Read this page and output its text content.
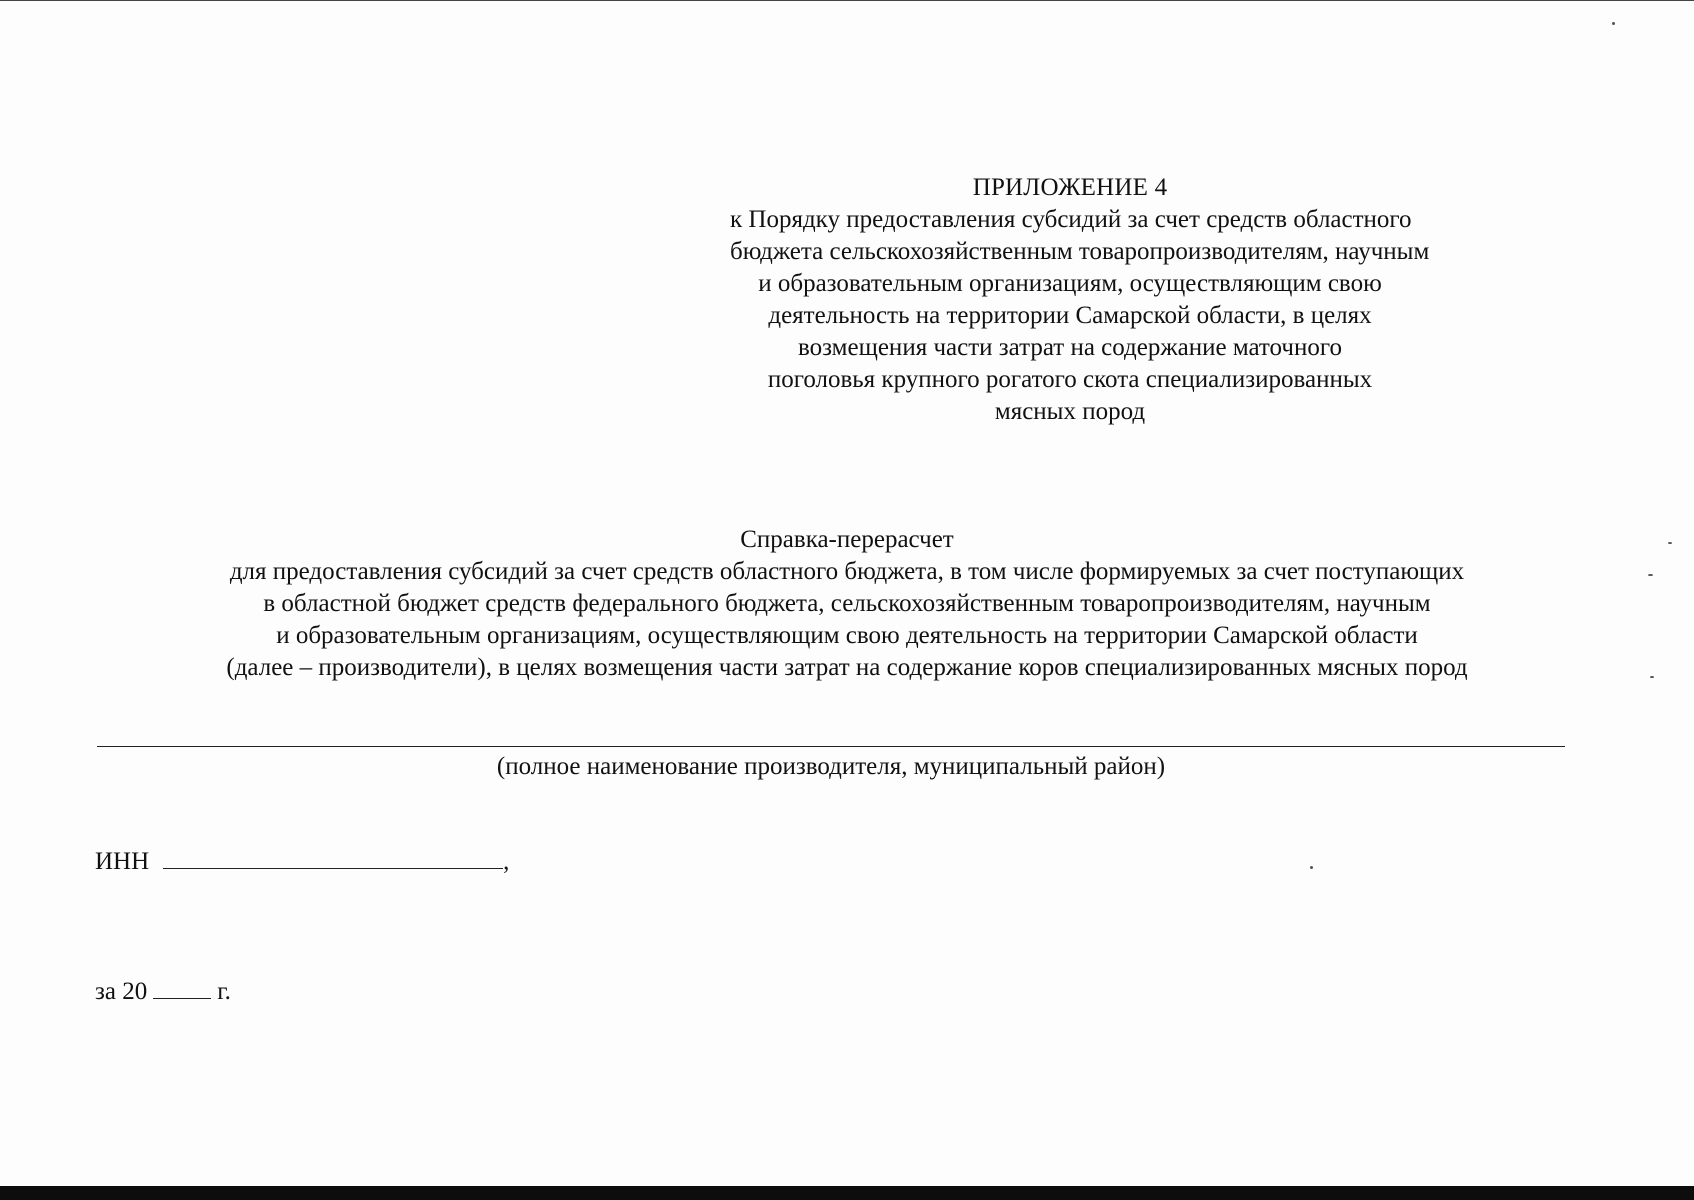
ПРИЛОЖЕНИЕ 4
к Порядку предоставления субсидий за счет средств областного
бюджета сельскохозяйственным товаропроизводителям, научным
и образовательным организациям, осуществляющим свою
деятельность на территории Самарской области, в целях
возмещения части затрат на содержание маточного
поголовья крупного рогатого скота специализированных
мясных пород
Справка-перерасчет
для предоставления субсидий за счет средств областного бюджета, в том числе формируемых за счет поступающих
в областной бюджет средств федерального бюджета, сельскохозяйственным товаропроизводителям, научным
и образовательным организациям, осуществляющим свою деятельность на территории Самарской области
(далее – производители), в целях возмещения части затрат на содержание коров специализированных мясных пород
(полное наименование производителя, муниципальный район)
ИНН	,
за 20	г.
